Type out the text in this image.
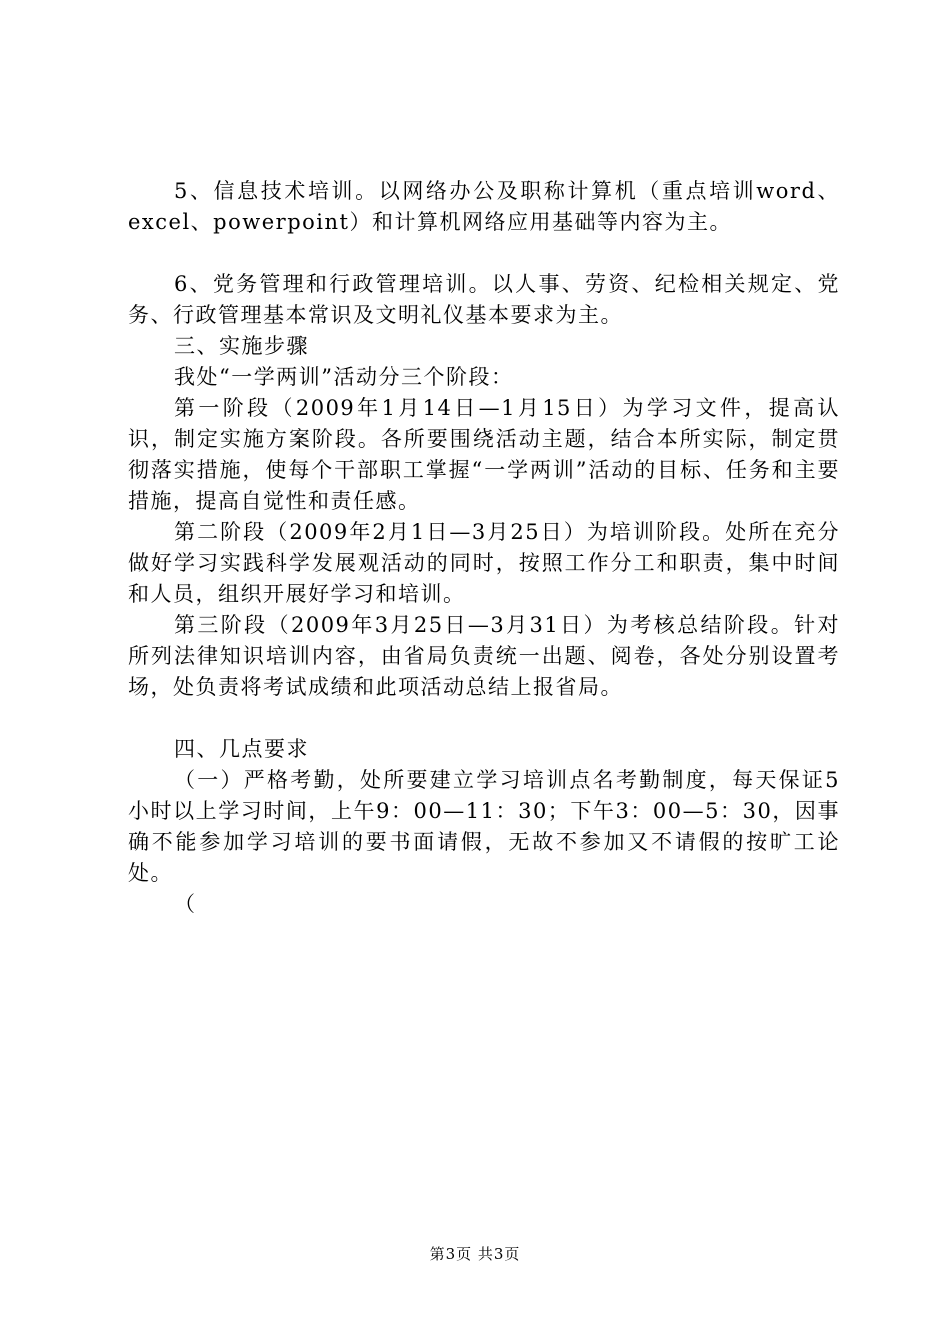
5、信息技术培训。以网络办公及职称计算机（重点培训word、excel、powerpoint）和计算机网络应用基础等内容为主。

6、党务管理和行政管理培训。以人事、劳资、纪检相关规定、党务、行政管理基本常识及文明礼仪基本要求为主。

三、实施步骤

我处“一学两训”活动分三个阶段：

第一阶段（2009年1月14日—1月15日）为学习文件，提高认识，制定实施方案阶段。各所要围绕活动主题，结合本所实际，制定贯彻落实措施，使每个干部职工掌握“一学两训”活动的目标、任务和主要措施，提高自觉性和责任感。

第二阶段（2009年2月1日—3月25日）为培训阶段。处所在充分做好学习实践科学发展观活动的同时，按照工作分工和职责，集中时间和人员，组织开展好学习和培训。

第三阶段（2009年3月25日—3月31日）为考核总结阶段。针对所列法律知识培训内容，由省局负责统一出题、阅卷，各处分别设置考场，处负责将考试成绩和此项活动总结上报省局。

四、几点要求

（一）严格考勤，处所要建立学习培训点名考勤制度，每天保证5小时以上学习时间，上午9：00—11：30；下午3：00—5：30，因事确不能参加学习培训的要书面请假，无故不参加又不请假的按旷工论处。

（

第3页 共3页
